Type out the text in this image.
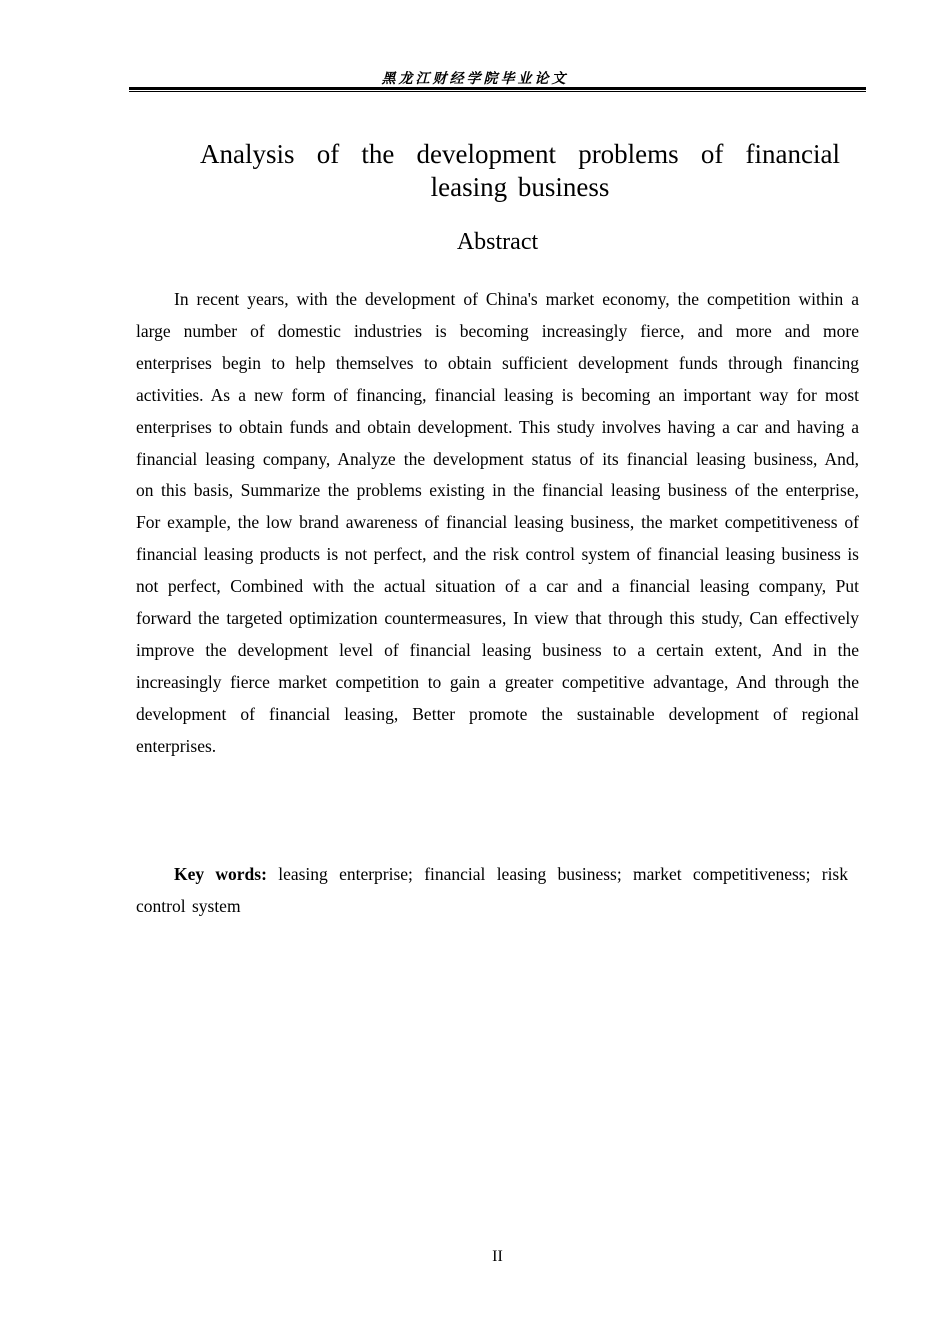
黑龙江财经学院毕业论文
Analysis of the development problems of financial leasing business
Abstract
In recent years, with the development of China's market economy, the competition within a large number of domestic industries is becoming increasingly fierce, and more and more enterprises begin to help themselves to obtain sufficient development funds through financing activities. As a new form of financing, financial leasing is becoming an important way for most enterprises to obtain funds and obtain development. This study involves having a car and having a financial leasing company, Analyze the development status of its financial leasing business, And, on this basis, Summarize the problems existing in the financial leasing business of the enterprise, For example, the low brand awareness of financial leasing business, the market competitiveness of financial leasing products is not perfect, and the risk control system of financial leasing business is not perfect, Combined with the actual situation of a car and a financial leasing company, Put forward the targeted optimization countermeasures, In view that through this study, Can effectively improve the development level of financial leasing business to a certain extent, And in the increasingly fierce market competition to gain a greater competitive advantage, And through the development of financial leasing, Better promote the sustainable development of regional enterprises.
Key words: leasing enterprise; financial leasing business; market competitiveness; risk control system
II
